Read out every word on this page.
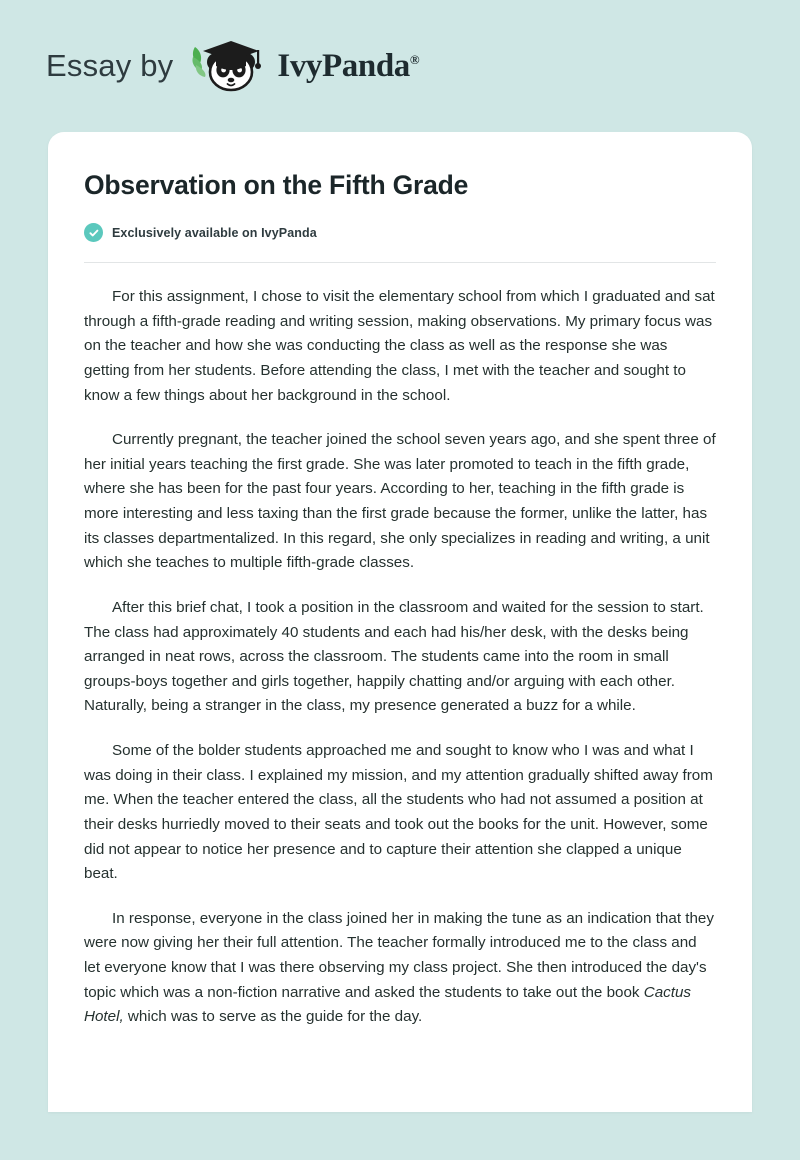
Essay by	IvyPanda®
Observation on the Fifth Grade
Exclusively available on IvyPanda

For this assignment, I chose to visit the elementary school from which I graduated and sat through a fifth-grade reading and writing session, making observations. My primary focus was on the teacher and how she was conducting the class as well as the response she was getting from her students. Before attending the class, I met with the teacher and sought to know a few things about her background in the school.

Currently pregnant, the teacher joined the school seven years ago, and she spent three of her initial years teaching the first grade. She was later promoted to teach in the fifth grade, where she has been for the past four years. According to her, teaching in the fifth grade is more interesting and less taxing than the first grade because the former, unlike the latter, has its classes departmentalized. In this regard, she only specializes in reading and writing, a unit which she teaches to multiple fifth-grade classes.

After this brief chat, I took a position in the classroom and waited for the session to start. The class had approximately 40 students and each had his/her desk, with the desks being arranged in neat rows, across the classroom. The students came into the room in small groups-boys together and girls together, happily chatting and/or arguing with each other. Naturally, being a stranger in the class, my presence generated a buzz for a while.

Some of the bolder students approached me and sought to know who I was and what I was doing in their class. I explained my mission, and my attention gradually shifted away from me. When the teacher entered the class, all the students who had not assumed a position at their desks hurriedly moved to their seats and took out the books for the unit. However, some did not appear to notice her presence and to capture their attention she clapped a unique beat.

In response, everyone in the class joined her in making the tune as an indication that they were now giving her their full attention. The teacher formally introduced me to the class and let everyone know that I was there observing my class project. She then introduced the day's topic which was a non-fiction narrative and asked the students to take out the book Cactus Hotel, which was to serve as the guide for the day.
